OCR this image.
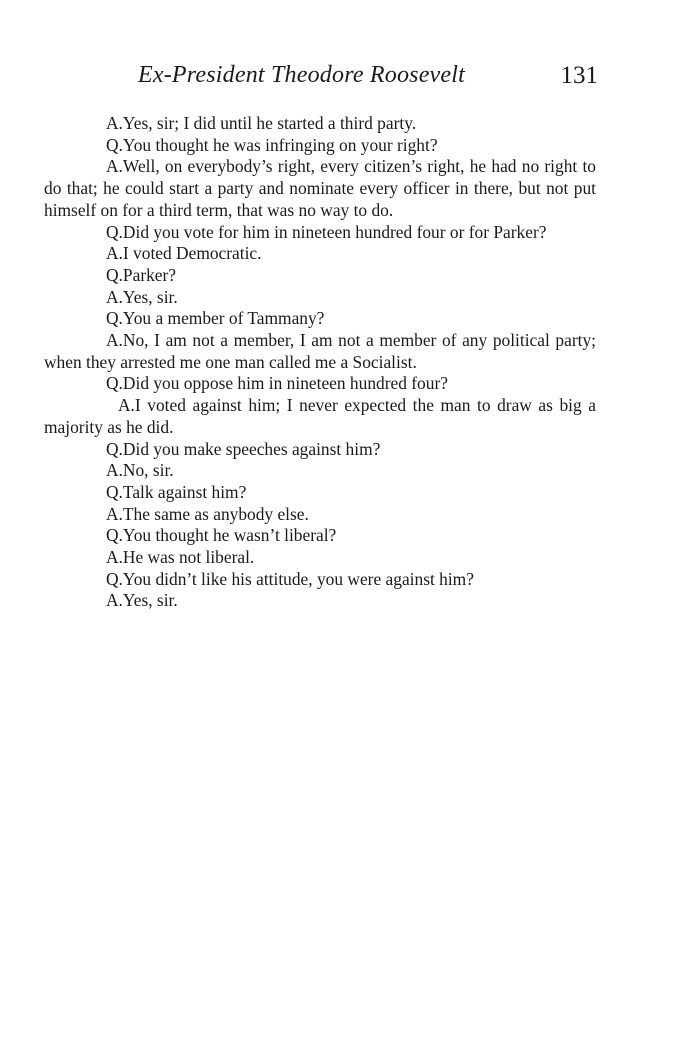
Ex-President Theodore Roosevelt	131

A.Yes, sir; I did until he started a third party.

Q.You thought he was infringing on your right?

A.Well, on everybody’s right, every citizen’s right, he had no right to do that; he could start a party and nominate every officer in there, but not put himself on for a third term, that was no way to do.

Q.Did you vote for him in nineteen hundred four or for Parker?

A.I voted Democratic.

Q.Parker?

A.Yes, sir.

Q.You a member of Tammany?

A.No, I am not a member, I am not a member of any political party; when they arrested me one man called me a Socialist.

Q.Did you oppose him in nineteen hundred four?

A.I voted against him; I never expected the man to draw as big a majority as he did.

Q.Did you make speeches against him?

A.No, sir.

Q.Talk against him?

A.The same as anybody else.

Q.You thought he wasn’t liberal?

A.He was not liberal.

Q.You didn’t like his attitude, you were against him?

A.Yes, sir.
